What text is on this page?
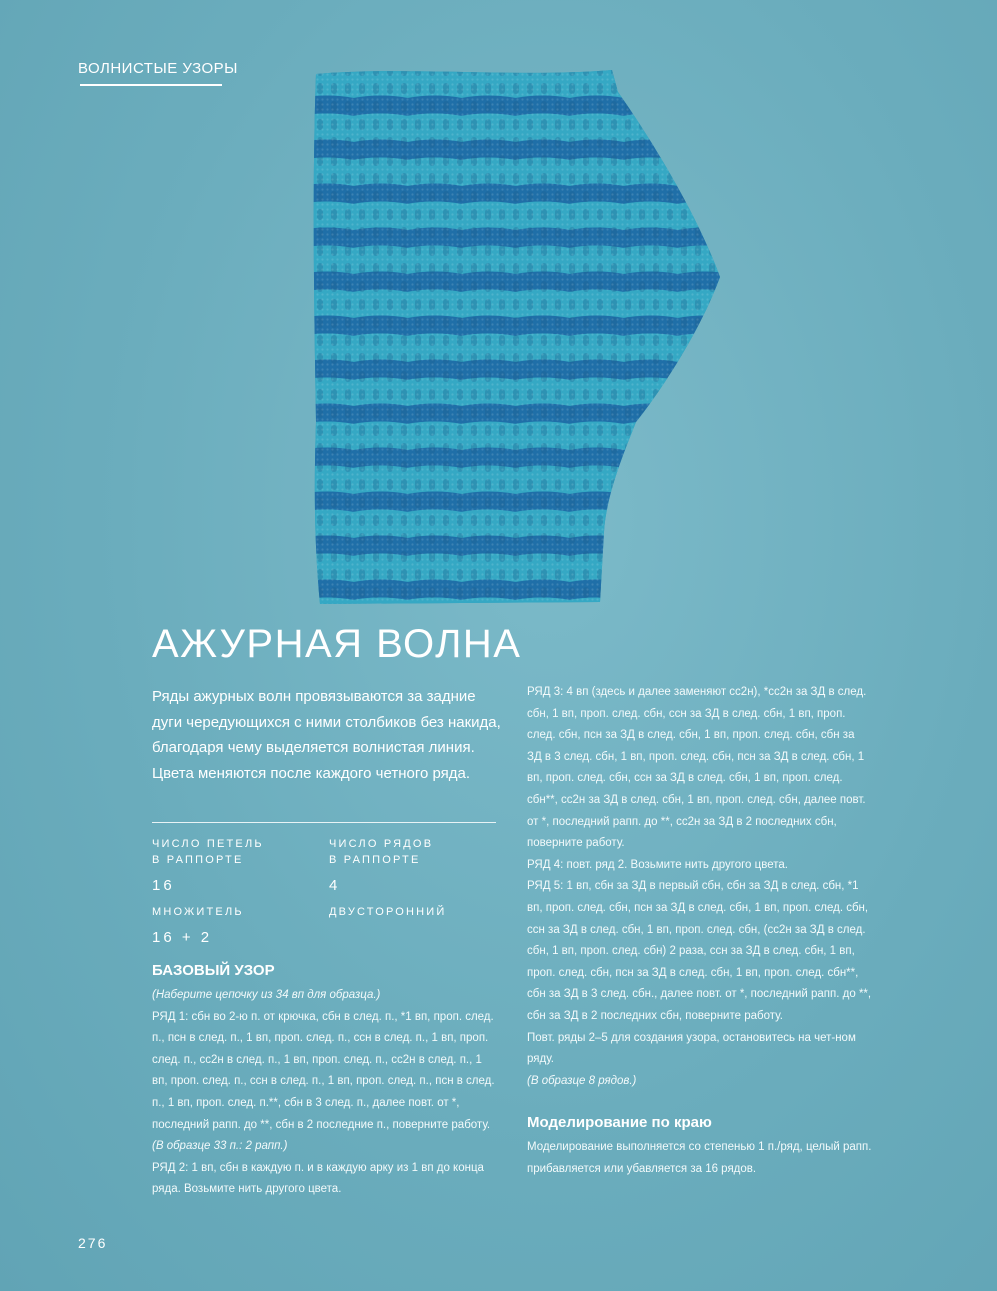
ВОЛНИСТЫЕ УЗОРЫ
АЖУРНАЯ ВОЛНА

Ряды ажурных волн провязываются за задние дуги чередующихся с ними столбиков без накида, благодаря чему выделяется волнистая линия. Цвета меняются после каждого четного ряда.

ЧИСЛО ПЕТЕЛЬ
В РАППОРТЕ

16

ЧИСЛО РЯДОВ
В РАППОРТЕ

4

МНОЖИТЕЛЬ

16 + 2

ДВУСТОРОННИЙ

БАЗОВЫЙ УЗОР

(Наберите цепочку из 34 вп для образца.)

РЯД 1: сбн во 2-ю п. от крючка, сбн в след. п., *1 вп, проп. след. п., псн в след. п., 1 вп, проп. след. п., ссн в след. п., 1 вп, проп. след. п., сс2н в след. п., 1 вп, проп. след. п., сс2н в след. п., 1 вп, проп. след. п., ссн в след. п., 1 вп, проп. след. п., псн в след. п., 1 вп, проп. след. п.**, сбн в 3 след. п., далее повт. от *, последний рапп. до **, сбн в 2 последние п., поверните работу.

(В образце 33 п.: 2 рапп.)

РЯД 2: 1 вп, сбн в каждую п. и в каждую арку из 1 вп до конца ряда. Возьмите нить другого цвета.

РЯД 3: 4 вп (здесь и далее заменяют сс2н), *сс2н за ЗД в след. сбн, 1 вп, проп. след. сбн, ссн за ЗД в след. сбн, 1 вп, проп. след. сбн, псн за ЗД в след. сбн, 1 вп, проп. след. сбн, сбн за ЗД в 3 след. сбн, 1 вп, проп. след. сбн, псн за ЗД в след. сбн, 1 вп, проп. след. сбн, ссн за ЗД в след. сбн, 1 вп, проп. след. сбн**, сс2н за ЗД в след. сбн, 1 вп, проп. след. сбн, далее повт. от *, последний рапп. до **, сс2н за ЗД в 2 последних сбн, поверните работу.

РЯД 4: повт. ряд 2. Возьмите нить другого цвета.

РЯД 5: 1 вп, сбн за ЗД в первый сбн, сбн за ЗД в след. сбн, *1 вп, проп. след. сбн, псн за ЗД в след. сбн, 1 вп, проп. след. сбн, ссн за ЗД в след. сбн, 1 вп, проп. след. сбн, (сс2н за ЗД в след. сбн, 1 вп, проп. след. сбн) 2 раза, ссн за ЗД в след. сбн, 1 вп, проп. след. сбн, псн за ЗД в след. сбн, 1 вп, проп. след. сбн**, сбн за ЗД в 3 след. сбн., далее повт. от *, последний рапп. до **, сбн за ЗД в 2 последних сбн, поверните работу.

Повт. ряды 2–5 для создания узора, остановитесь на чет-ном ряду.

(В образце 8 рядов.)

Моделирование по краю

Моделирование выполняется со степенью 1 п./ряд, целый рапп. прибавляется или убавляется за 16 рядов.

276
